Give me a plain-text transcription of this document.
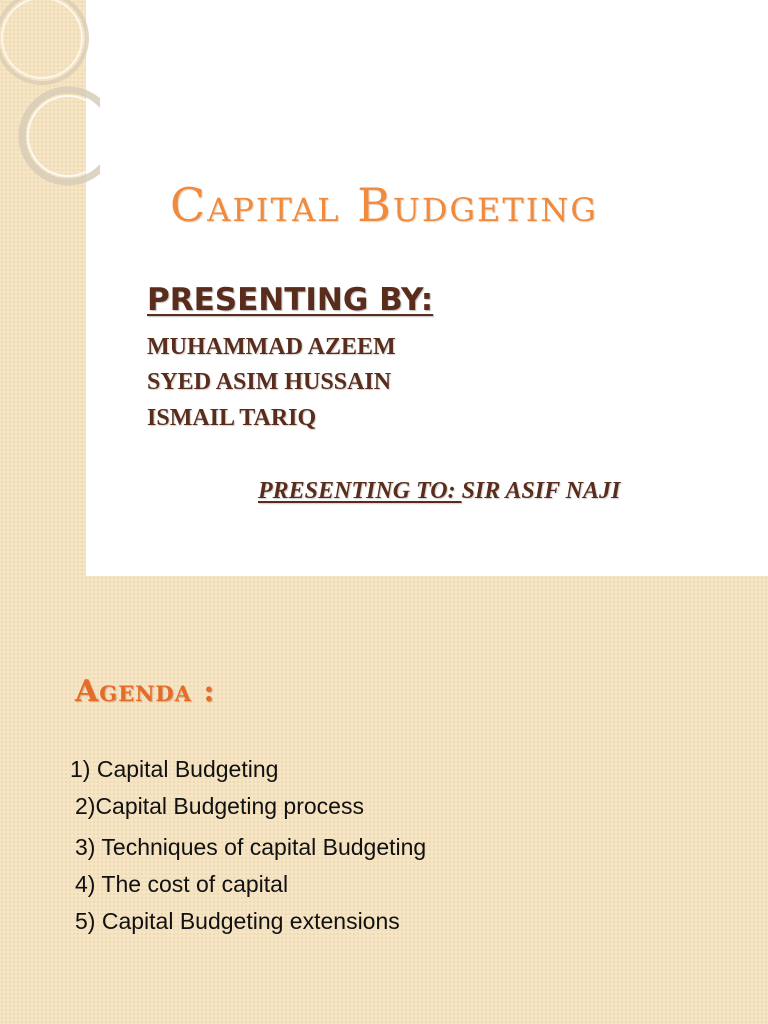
Capital Budgeting
PRESENTING BY:
MUHAMMAD AZEEM
SYED ASIM HUSSAIN
ISMAIL TARIQ
PRESENTING TO: SIR ASIF NAJI
Agenda :
1) Capital Budgeting
2)Capital Budgeting process
3) Techniques of capital Budgeting
4) The cost of capital
5) Capital Budgeting extensions
